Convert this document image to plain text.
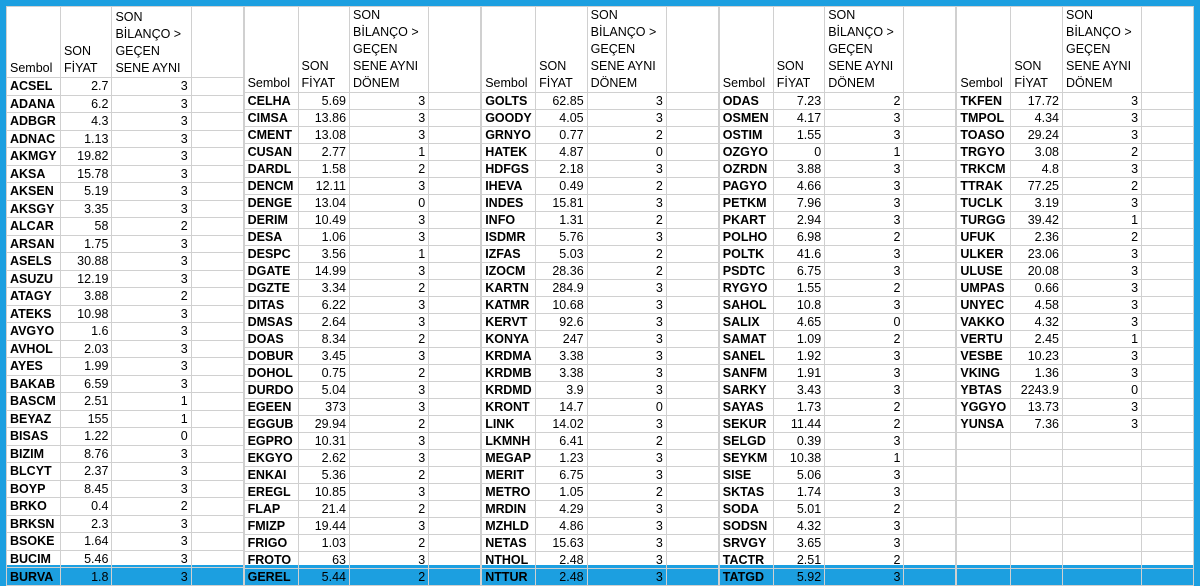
Sembol	SON FİYAT	SON BİLANÇO > GEÇEN SENE AYNI	
ACSEL	2.7	3	
ADANA	6.2	3	
ADBGR	4.3	3	
ADNAC	1.13	3	
AKMGY	19.82	3	
AKSA	15.78	3	
AKSEN	5.19	3	
AKSGY	3.35	3	
ALCAR	58	2	
ARSAN	1.75	3	
ASELS	30.88	3	
ASUZU	12.19	3	
ATAGY	3.88	2	
ATEKS	10.98	3	
AVGYO	1.6	3	
AVHOL	2.03	3	
AYES	1.99	3	
BAKAB	6.59	3	
BASCM	2.51	1	
BEYAZ	155	1	
BISAS	1.22	0	
BIZIM	8.76	3	
BLCYT	2.37	3	
BOYP	8.45	3	
BRKO	0.4	2	
BRKSN	2.3	3	
BSOKE	1.64	3	
BUCIM	5.46	3	
BURVA	1.8	3	
Sembol	SON FİYAT	SON BİLANÇO > GEÇEN SENE AYNI DÖNEM	
CELHA	5.69	3	
CIMSA	13.86	3	
CMENT	13.08	3	
CUSAN	2.77	1	
DARDL	1.58	2	
DENCM	12.11	3	
DENGE	13.04	0	
DERIM	10.49	3	
DESA	1.06	3	
DESPC	3.56	1	
DGATE	14.99	3	
DGZTE	3.34	2	
DITAS	6.22	3	
DMSAS	2.64	3	
DOAS	8.34	2	
DOBUR	3.45	3	
DOHOL	0.75	2	
DURDO	5.04	3	
EGEEN	373	3	
EGGUB	29.94	2	
EGPRO	10.31	3	
EKGYO	2.62	3	
ENKAI	5.36	2	
EREGL	10.85	3	
FLAP	21.4	2	
FMIZP	19.44	3	
FRIGO	1.03	2	
FROTO	63	3	
GEREL	5.44	2	
Sembol	SON FİYAT	SON BİLANÇO > GEÇEN SENE AYNI DÖNEM	
GOLTS	62.85	3	
GOODY	4.05	3	
GRNYO	0.77	2	
HATEK	4.87	0	
HDFGS	2.18	3	
IHEVA	0.49	2	
INDES	15.81	3	
INFO	1.31	2	
ISDMR	5.76	3	
IZFAS	5.03	2	
IZOCM	28.36	2	
KARTN	284.9	3	
KATMR	10.68	3	
KERVT	92.6	3	
KONYA	247	3	
KRDMA	3.38	3	
KRDMB	3.38	3	
KRDMD	3.9	3	
KRONT	14.7	0	
LINK	14.02	3	
LKMNH	6.41	2	
MEGAP	1.23	3	
MERIT	6.75	3	
METRO	1.05	2	
MRDIN	4.29	3	
MZHLD	4.86	3	
NETAS	15.63	3	
NTHOL	2.48	3	
NTTUR	2.48	3	
Sembol	SON FİYAT	SON BİLANÇO > GEÇEN SENE AYNI DÖNEM	
ODAS	7.23	2	
OSMEN	4.17	3	
OSTIM	1.55	3	
OZGYO	0	1	
OZRDN	3.88	3	
PAGYO	4.66	3	
PETKM	7.96	3	
PKART	2.94	3	
POLHO	6.98	2	
POLTK	41.6	3	
PSDTC	6.75	3	
RYGYO	1.55	2	
SAHOL	10.8	3	
SALIX	4.65	0	
SAMAT	1.09	2	
SANEL	1.92	3	
SANFM	1.91	3	
SARKY	3.43	3	
SAYAS	1.73	2	
SEKUR	11.44	2	
SELGD	0.39	3	
SEYKM	10.38	1	
SISE	5.06	3	
SKTAS	1.74	3	
SODA	5.01	2	
SODSN	4.32	3	
SRVGY	3.65	3	
TACTR	2.51	2	
TATGD	5.92	3	
Sembol	SON FİYAT	SON BİLANÇO > GEÇEN SENE AYNI DÖNEM	
TKFEN	17.72	3	
TMPOL	4.34	3	
TOASO	29.24	3	
TRGYO	3.08	2	
TRKCM	4.8	3	
TTRAK	77.25	2	
TUCLK	3.19	3	
TURGG	39.42	1	
UFUK	2.36	2	
ULKER	23.06	3	
ULUSE	20.08	3	
UMPAS	0.66	3	
UNYEC	4.58	3	
VAKKO	4.32	3	
VERTU	2.45	1	
VESBE	10.23	3	
VKING	1.36	3	
YBTAS	2243.9	0	
YGGYO	13.73	3	
YUNSA	7.36	3	
